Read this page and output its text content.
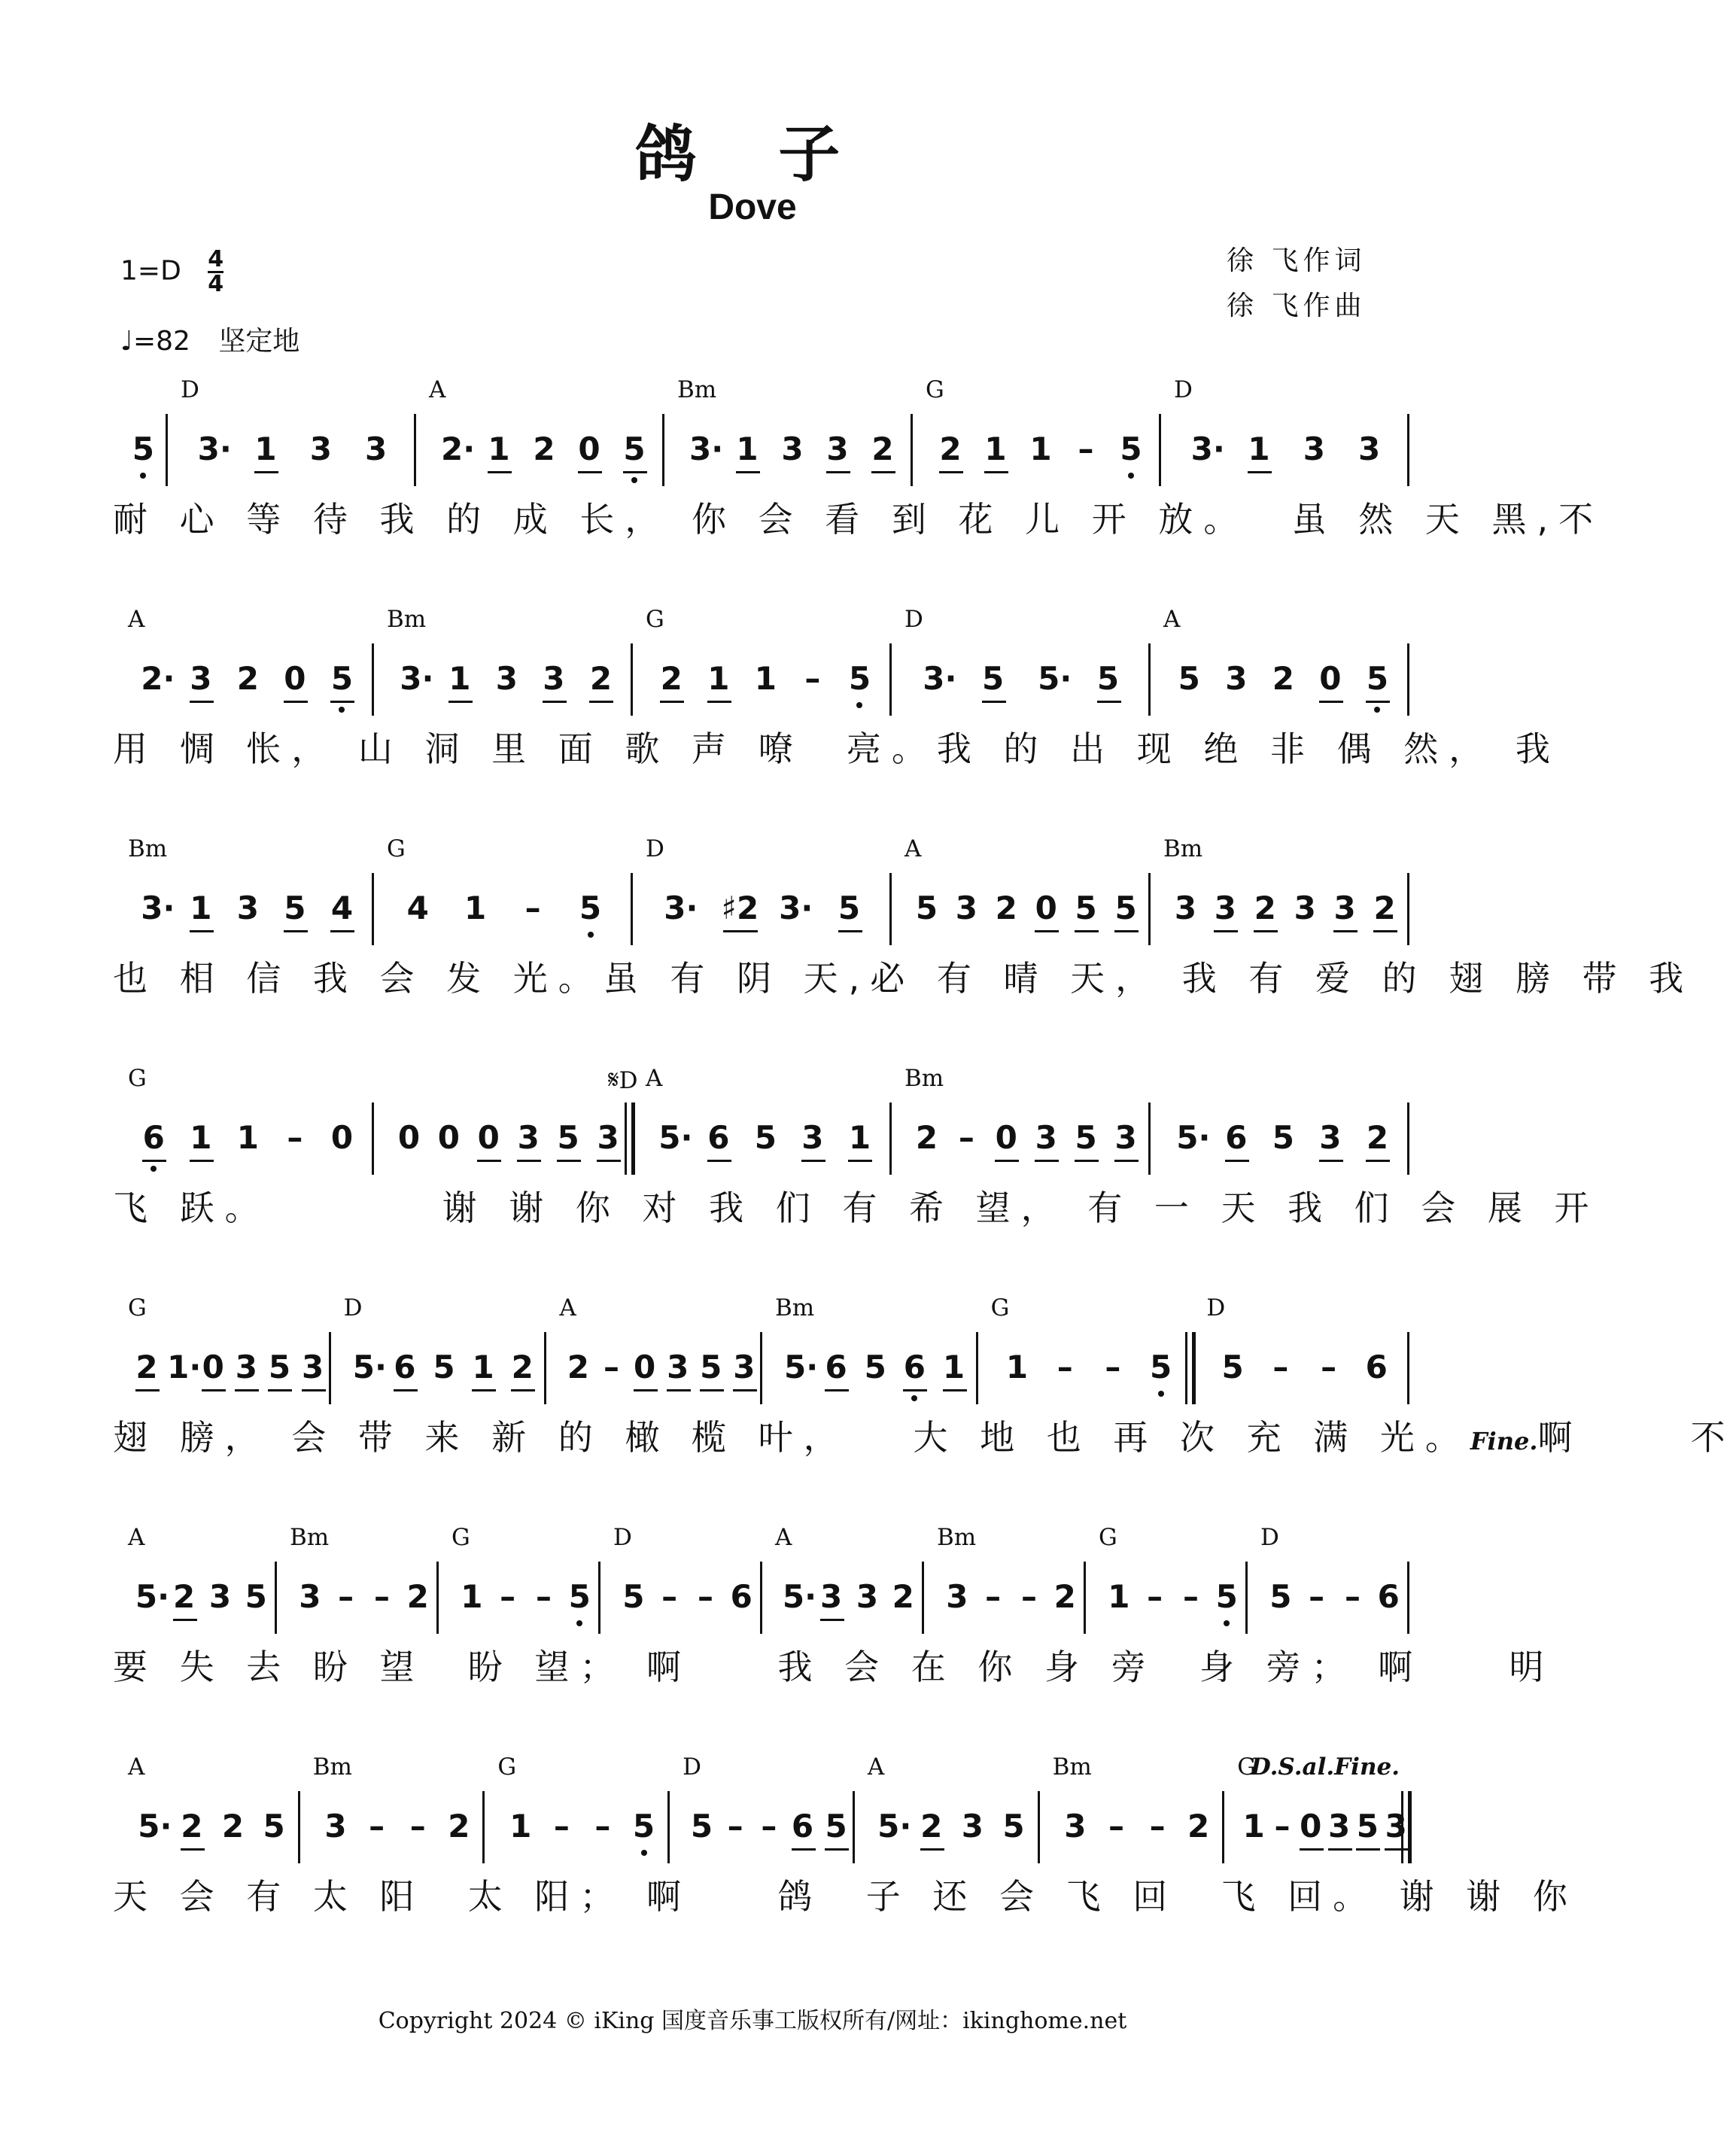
鸽 子
Dove
$1=D \frac{4}{4}$
♩=82 坚定地
徐 飞作词
徐 飞作曲
D	A	Bm	G	D
5 3· 1 3 3 2· 1 2 0 5 3· 1 3 3 2 2 1 1 – 5 3· 1 3 3
耐 心 等 待 我 的 成 长， 你 会 看 到 花 儿 开 放。  虽 然 天 黑,不
A	Bm	G	D	A
2· 3 2 0 5 3· 1 3 3 2 2 1 1 – 5 3· 5 5· 5 5 3 2 0 5
用 惆 怅， 山 洞 里 面 歌 声 嘹  亮。我 的 出 现 绝 非 偶 然， 我
Bm	G	D	A	Bm
3· 1 3 5 4 4 1 – 5 3· ♯2 3· 5 5 3 2 0 5 5 3 3 2 3 3 2
也 相 信 我 会 发 光。虽 有 阴 天,必 有 晴 天， 我 有 爱 的 翅 膀 带 我
G	𝄋D A	Bm
6 1 1 – 0 0 0 0 3 5 3 5· 6 5 3 1 2 – 0 3 5 3 5· 6 5 3 2
飞 跃。        谢 谢 你 对 我 们 有 希 望， 有 一 天 我 们 会 展 开
G	D	A	Bm	G	D
2 1· 0 3 5 3 5· 6 5 1 2 2 – 0 3 5 3 5· 6 5 6 1 1 – – 5 5 – – 6
翅 膀， 会 带 来 新 的 橄 榄 叶，   大 地 也 再 次 充 满 光。Fine.啊     不
A	Bm	G	D	A	Bm	G	D
5· 2 3 5 3 – – 2 1 – – 5 5 – – 6 5· 3 3 2 3 – – 2 1 – – 5 5 – – 6
要 失 去 盼 望  盼 望； 啊    我 会 在 你 身 旁  身 旁； 啊    明
A	Bm	G	D	A	Bm	G
D.S.al.Fine.
5· 2 2 5 3 – – 2 1 – – 5 5 – – 6 5 5· 2 3 5 3 – – 2 1 – 0 3 5 3
天 会 有 太 阳  太 阳； 啊    鸽  子 还 会 飞 回  飞 回。 谢 谢 你
Copyright 2024 © iKing 国度音乐事工版权所有/网址：ikinghome.net
